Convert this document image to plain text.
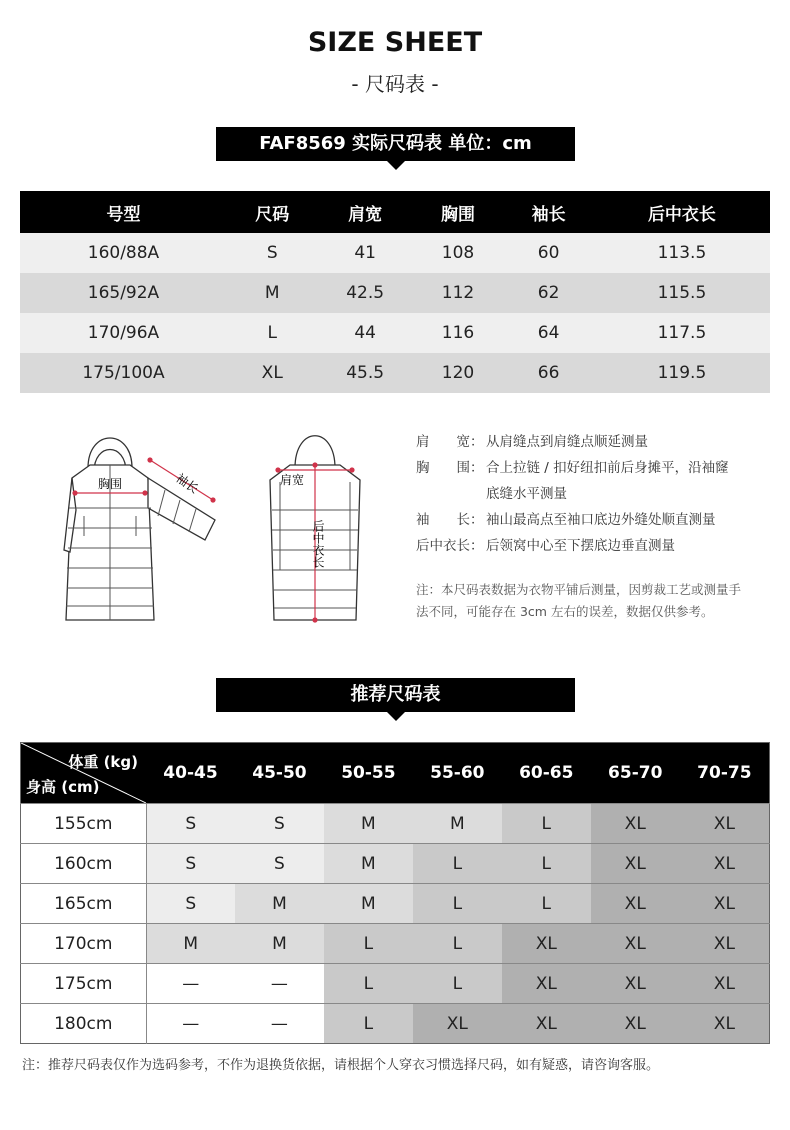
SIZE SHEET
- 尺码表 -
FAF8569 实际尺码表 单位：cm
号型	尺码	肩宽	胸围	袖长	后中衣长
160/88A	S	41	108	60	113.5
165/92A	M	42.5	112	62	115.5
170/96A	L	44	116	64	117.5
175/100A	XL	45.5	120	66	119.5
胸围	袖长	肩宽
后中衣长
肩　　宽： 从肩缝点到肩缝点顺延测量
胸　　围： 合上拉链 / 扣好纽扣前后身摊平，沿袖窿
底缝水平测量
袖　　长： 袖山最高点至袖口底边外缝处顺直测量
后中衣长： 后领窝中心至下摆底边垂直测量
注：本尺码表数据为衣物平铺后测量，因剪裁工艺或测量手
法不同，可能存在 3cm 左右的误差，数据仅供参考。
推荐尺码表
体重 (kg)
身高 (cm)	40-45	45-50	50-55	55-60	60-65	65-70	70-75
155cm	S	S	M	M	L	XL	XL
160cm	S	S	M	L	L	XL	XL
165cm	S	M	M	L	L	XL	XL
170cm	M	M	L	L	XL	XL	XL
175cm	—	—	L	L	XL	XL	XL
180cm	—	—	L	XL	XL	XL	XL
注：推荐尺码表仅作为选码参考，不作为退换货依据，请根据个人穿衣习惯选择尺码，如有疑惑，请咨询客服。
